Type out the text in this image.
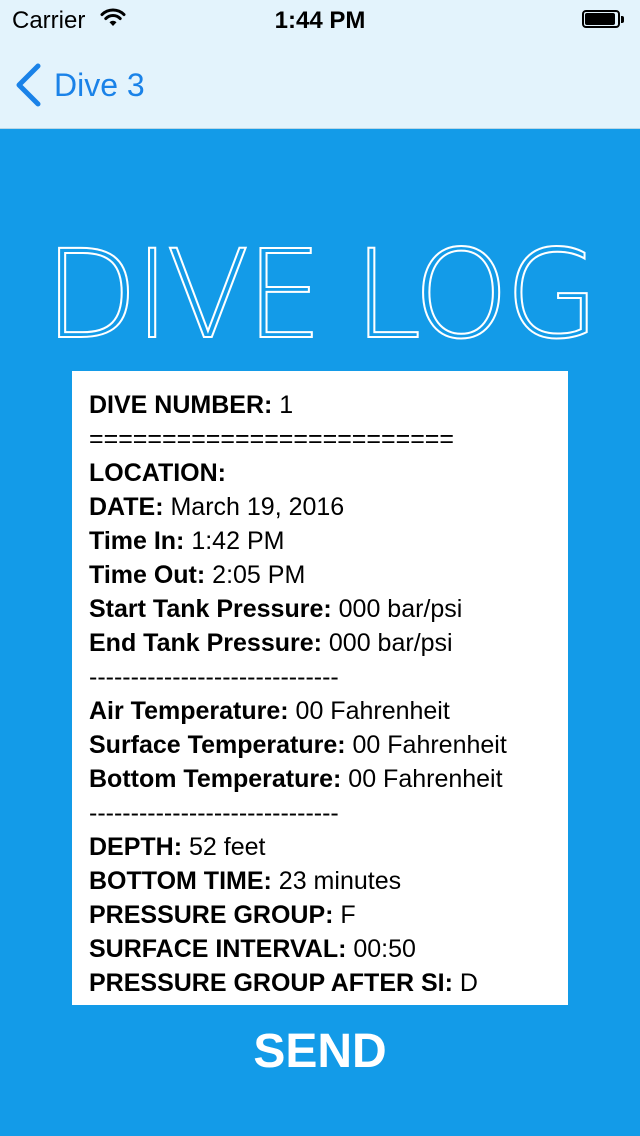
Carrier	1:44 PM
Dive 3
DIVE LOG

DIVE NUMBER: 1

=========================

LOCATION:

DATE: March 19, 2016

Time In: 1:42 PM

Time Out: 2:05 PM

Start Tank Pressure: 000 bar/psi

End Tank Pressure: 000 bar/psi

------------------------------

Air Temperature: 00 Fahrenheit

Surface Temperature: 00 Fahrenheit

Bottom Temperature: 00 Fahrenheit

------------------------------

DEPTH: 52 feet

BOTTOM TIME: 23 minutes

PRESSURE GROUP: F

SURFACE INTERVAL: 00:50

PRESSURE GROUP AFTER SI: D

SEND
